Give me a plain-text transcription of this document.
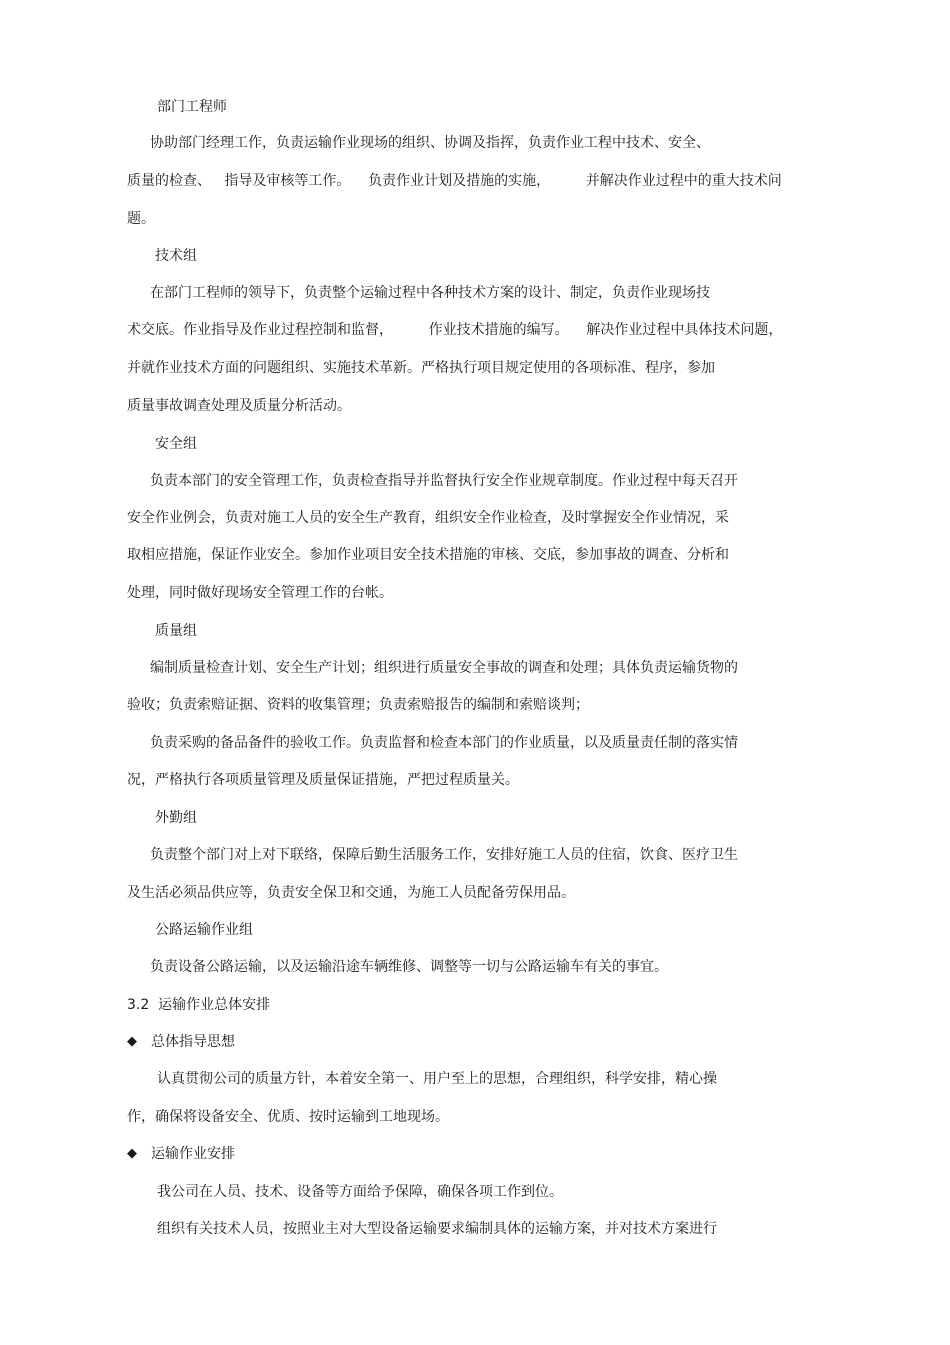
部门工程师
协助部门经理工作，负责运输作业现场的组织、协调及指挥，负责作业工程中技术、安全、
质量的检查、   指导及审核等工作。    负责作业计划及措施的实施，        并解决作业过程中的重大技术问
题。
技术组
在部门工程师的领导下，负责整个运输过程中各种技术方案的设计、制定，负责作业现场技
术交底。作业指导及作业过程控制和监督，        作业技术措施的编写。    解决作业过程中具体技术问题，
并就作业技术方面的问题组织、实施技术革新。严格执行项目规定使用的各项标准、程序，参加
质量事故调查处理及质量分析活动。
安全组
负责本部门的安全管理工作，负责检查指导并监督执行安全作业规章制度。作业过程中每天召开
安全作业例会，负责对施工人员的安全生产教育，组织安全作业检查，及时掌握安全作业情况，采
取相应措施，保证作业安全。参加作业项目安全技术措施的审核、交底，参加事故的调查、分析和
处理，同时做好现场安全管理工作的台帐。
质量组
编制质量检查计划、安全生产计划；组织进行质量安全事故的调查和处理；具体负责运输货物的
验收；负责索赔证据、资料的收集管理；负责索赔报告的编制和索赔谈判；
负责采购的备品备件的验收工作。负责监督和检查本部门的作业质量，以及质量责任制的落实情
况，严格执行各项质量管理及质量保证措施，严把过程质量关。
外勤组
负责整个部门对上对下联络，保障后勤生活服务工作，安排好施工人员的住宿，饮食、医疗卫生
及生活必须品供应等，负责安全保卫和交通，为施工人员配备劳保用品。
公路运输作业组
负责设备公路运输，以及运输沿途车辆维修、调整等一切与公路运输车有关的事宜。
3.2  运输作业总体安排
◆ 总体指导思想
认真贯彻公司的质量方针，本着安全第一、用户至上的思想，合理组织，科学安排，精心操
作，确保将设备安全、优质、按时运输到工地现场。
◆ 运输作业安排
我公司在人员、技术、设备等方面给予保障，确保各项工作到位。
组织有关技术人员，按照业主对大型设备运输要求编制具体的运输方案，并对技术方案进行
